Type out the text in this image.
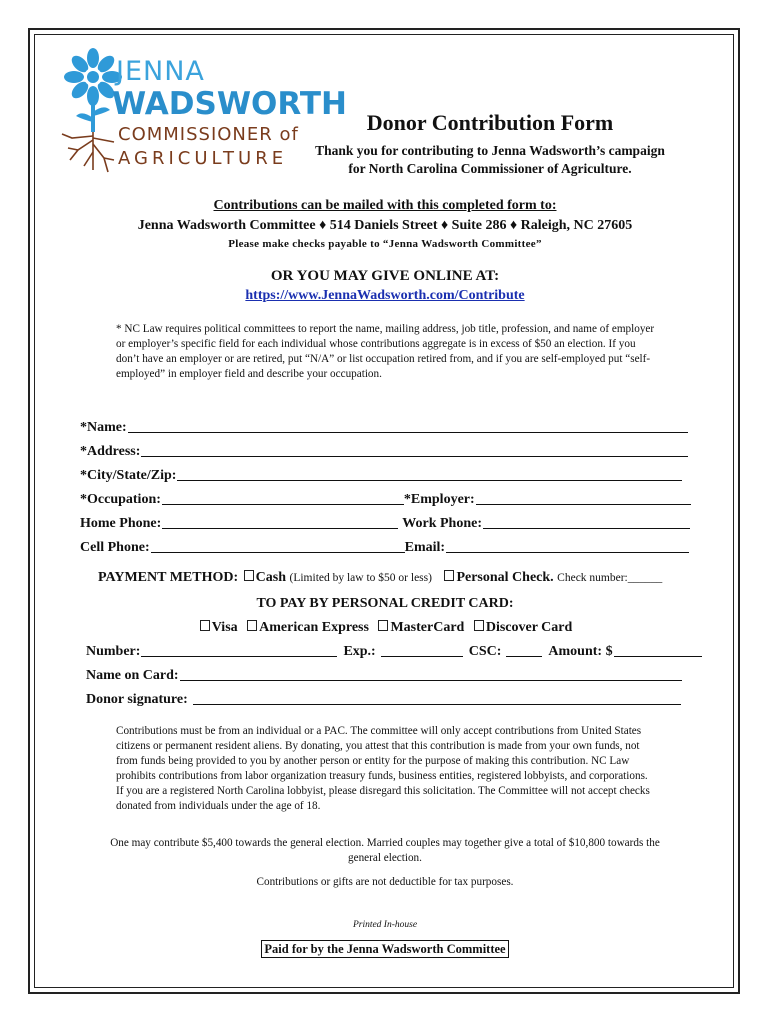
JENNA
WADSWORTH
COMMISSIONER of
AGRICULTURE
Donor Contribution Form
Thank you for contributing to Jenna Wadsworth’s campaign
for North Carolina Commissioner of Agriculture.
Contributions can be mailed with this completed form to:
Jenna Wadsworth Committee ♦ 514 Daniels Street ♦ Suite 286 ♦ Raleigh, NC 27605
Please make checks payable to “Jenna Wadsworth Committee”
OR YOU MAY GIVE ONLINE AT:
https://www.JennaWadsworth.com/Contribute
* NC Law requires political committees to report the name, mailing address, job title, profession, and name of employer or employer’s specific field for each individual whose contributions aggregate is in excess of $50 an election. If you don’t have an employer or are retired, put “N/A” or list occupation retired from, and if you are self-employed put “self-employed” in employer field and describe your occupation.
*Name:
*Address:
*City/State/Zip:
*Occupation:	*Employer:
Home Phone:	Work Phone:
Cell Phone:	Email:
PAYMENT METHOD: Cash (Limited by law to $50 or less) Personal Check. Check number:______
TO PAY BY PERSONAL CREDIT CARD:
Visa American Express MasterCard Discover Card
Number:	Exp.:	CSC:	Amount: $
Name on Card:
Donor signature:
Contributions must be from an individual or a PAC. The committee will only accept contributions from United States citizens or permanent resident aliens. By donating, you attest that this contribution is made from your own funds, not from funds being provided to you by another person or entity for the purpose of making this contribution. NC Law prohibits contributions from labor organization treasury funds, business entities, registered lobbyists, and corporations. If you are a registered North Carolina lobbyist, please disregard this solicitation. The Committee will not accept checks donated from individuals under the age of 18.
One may contribute $5,400 towards the general election. Married couples may together give a total of $10,800 towards the general election.
Contributions or gifts are not deductible for tax purposes.
Printed In-house
Paid for by the Jenna Wadsworth Committee
